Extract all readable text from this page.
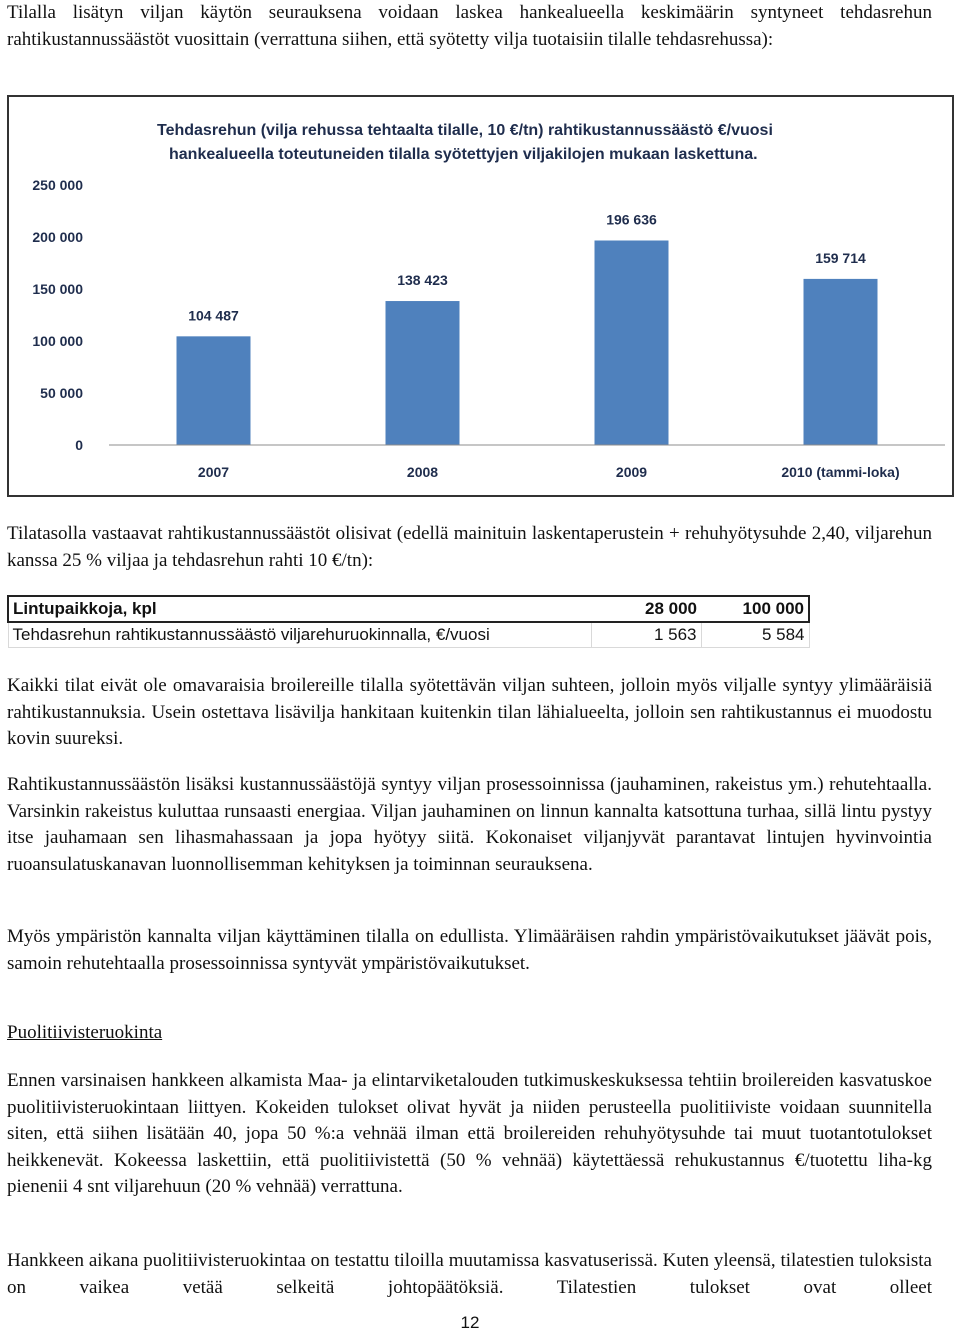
Tilalla lisätyn viljan käytön seurauksena voidaan laskea hankealueella keskimäärin syntyneet tehdasrehun rahtikustannussäästöt vuosittain (verrattuna siihen, että syötetty vilja tuotaisiin tilalle tehdasrehussa):

Tehdasrehun (vilja rehussa tehtaalta tilalle, 10 €/tn) rahtikustannussäästö €/vuosi
hankealueella toteutuneiden tilalla syötettyjen viljakilojen mukaan laskettuna.
0
50 000
100 000
150 000
200 000
250 000
104 487
138 423
196 636
159 714
2007	2008	2009	2010 (tammi-loka)

Tilatasolla vastaavat rahtikustannussäästöt olisivat (edellä mainituin laskentaperustein + rehuhyötysuhde 2,40, viljarehun kanssa 25 % viljaa ja tehdasrehun rahti 10 €/tn):

Lintupaikkoja, kpl	28 000	100 000
Tehdasrehun rahtikustannussäästö viljarehuruokinnalla, €/vuosi	1 563	5 584

Kaikki tilat eivät ole omavaraisia broilereille tilalla syötettävän viljan suhteen, jolloin myös viljalle syntyy ylimääräisiä rahtikustannuksia. Usein ostettava lisävilja hankitaan kuitenkin tilan lähialueelta, jolloin sen rahtikustannus ei muodostu kovin suureksi.

Rahtikustannussäästön lisäksi kustannussäästöjä syntyy viljan prosessoinnissa (jauhaminen, rakeistus ym.) rehutehtaalla. Varsinkin rakeistus kuluttaa runsaasti energiaa. Viljan jauhaminen on linnun kannalta katsottuna turhaa, sillä lintu pystyy itse jauhamaan sen lihasmahassaan ja jopa hyötyy siitä. Kokonaiset viljanjyvät parantavat lintujen hyvinvointia ruoansulatuskanavan luonnollisemman kehityksen ja toiminnan seurauksena.

Myös ympäristön kannalta viljan käyttäminen tilalla on edullista. Ylimääräisen rahdin ympäristövaikutukset jäävät pois, samoin rehutehtaalla prosessoinnissa syntyvät ympäristövaikutukset.

Puolitiivisteruokinta

Ennen varsinaisen hankkeen alkamista Maa- ja elintarviketalouden tutkimuskeskuksessa tehtiin broilereiden kasvatuskoe puolitiivisteruokintaan liittyen. Kokeiden tulokset olivat hyvät ja niiden perusteella puolitiiviste voidaan suunnitella siten, että siihen lisätään 40, jopa 50 %:a vehnää ilman että broilereiden rehuhyötysuhde tai muut tuotantotulokset heikkenevät. Kokeessa laskettiin, että puolitiivistettä (50 % vehnää) käytettäessä rehukustannus €/tuotettu liha-kg pienenii 4 snt viljarehuun (20 % vehnää) verrattuna.

Hankkeen aikana puolitiivisteruokintaa on testattu tiloilla muutamissa kasvatuserissä. Kuten yleensä, tilatestien tuloksista on vaikea vetää selkeitä johtopäätöksiä. Tilatestien tulokset ovat olleet

12
